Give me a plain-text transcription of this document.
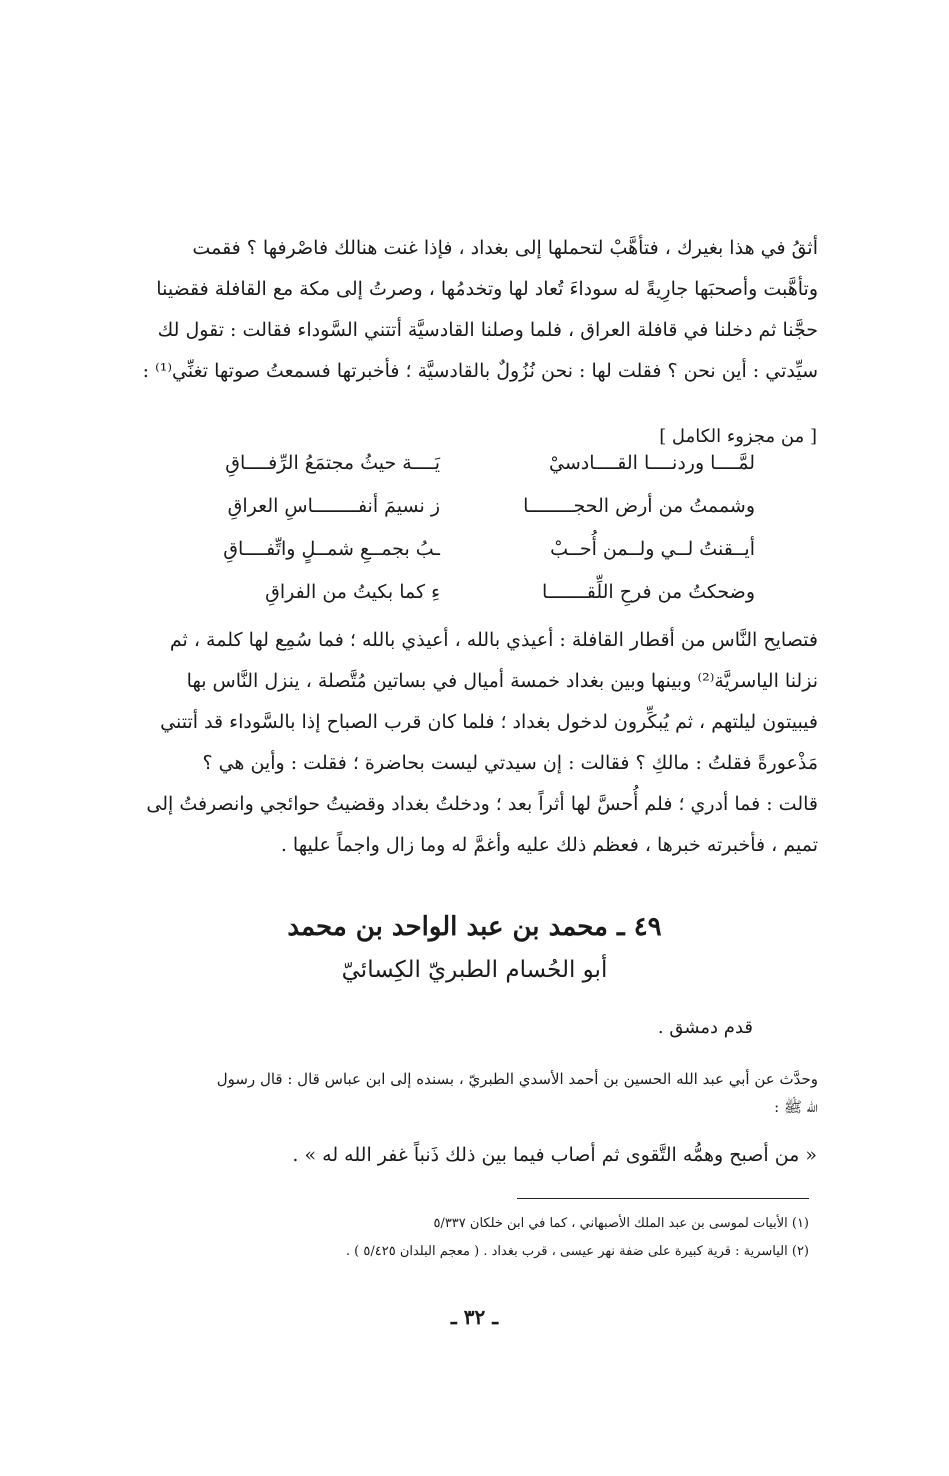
أثقُ في هذا بغيرك ، فتأهَّبْ لتحملها إلى بغداد ، فإذا غنت هنالك فاصْرفها ؟ فقمت
وتأهَّبت وأصحبَها جارِيةً له سوداءَ تُعاد لها وتخدمُها ، وصرتُ إلى مكة مع القافلة فقضينا
حجَّنا ثم دخلنا في قافلة العراق ، فلما وصلنا القادسيَّة أتتني السَّوداء فقالت : تقول لك
سيِّدتي : أين نحن ؟ فقلت لها : نحن نُزُولٌ بالقادسيَّة ؛ فأخبرتها فسمعتُ صوتها تغنِّي⁽¹⁾ :
[ من مجزوء الكامل ]
لمَّــــا وردنــــا القــــادسيْ
يَــــة حيثُ مجتمَعُ الرِّفــــاقِ
وشممتُ من أرض الحجــــــــا
ز نسيمَ أنفــــــــاسِ العراقِ
أيــقنتُ لــي ولــمن أُحــبْ
ـبُ بجمــعِ شمــلٍ واتِّفــــاقِ
وضحكتُ من فرحِ اللِّقـــــــا
ءِ كما بكيتُ من الفراقِ
فتصايح النَّاس من أقطار القافلة : أعيذي بالله ، أعيذي بالله ؛ فما سُمِع لها كلمة ، ثم
نزلنا الياسريَّة⁽²⁾ وبينها وبين بغداد خمسة أميال في بساتين مُتَّصلة ، ينزل النَّاس بها
فيبيتون ليلتهم ، ثم يُبكِّرون لدخول بغداد ؛ فلما كان قرب الصباح إذا بالسَّوداء قد أتتني
مَذْعورةً فقلتُ : مالكِ ؟ فقالت : إن سيدتي ليست بحاضرة ؛ فقلت : وأين هي ؟
قالت : فما أدري ؛ فلم أُحسَّ لها أثراً بعد ؛ ودخلتُ بغداد وقضيتُ حوائجي وانصرفتُ إلى
تميم ، فأخبرته خبرها ، فعظم ذلك عليه وأغمَّ له وما زال واجماً عليها .
٤٩ ـ محمد بن عبد الواحد بن محمد
أبو الحُسام الطبريّ الكِسائيّ
قدم دمشق .
وحدَّث عن أبي عبد الله الحسين بن أحمد الأسدي الطبريّ ، بسنده إلى ابن عباس قال : قال رسول
الله ﷺ :
« من أصبح وهمُّه التَّقوى ثم أصاب فيما بين ذلك ذَنباً غفر الله له » .
(١) الأبيات لموسى بن عبد الملك الأصبهاني ، كما في ابن خلكان ٥/٣٣٧
(٢) الياسرية : قرية كبيرة على ضفة نهر عيسى ، قرب بغداد . ( معجم البلدان ٥/٤٢٥ ) .
ـ ٣٢ ـ
